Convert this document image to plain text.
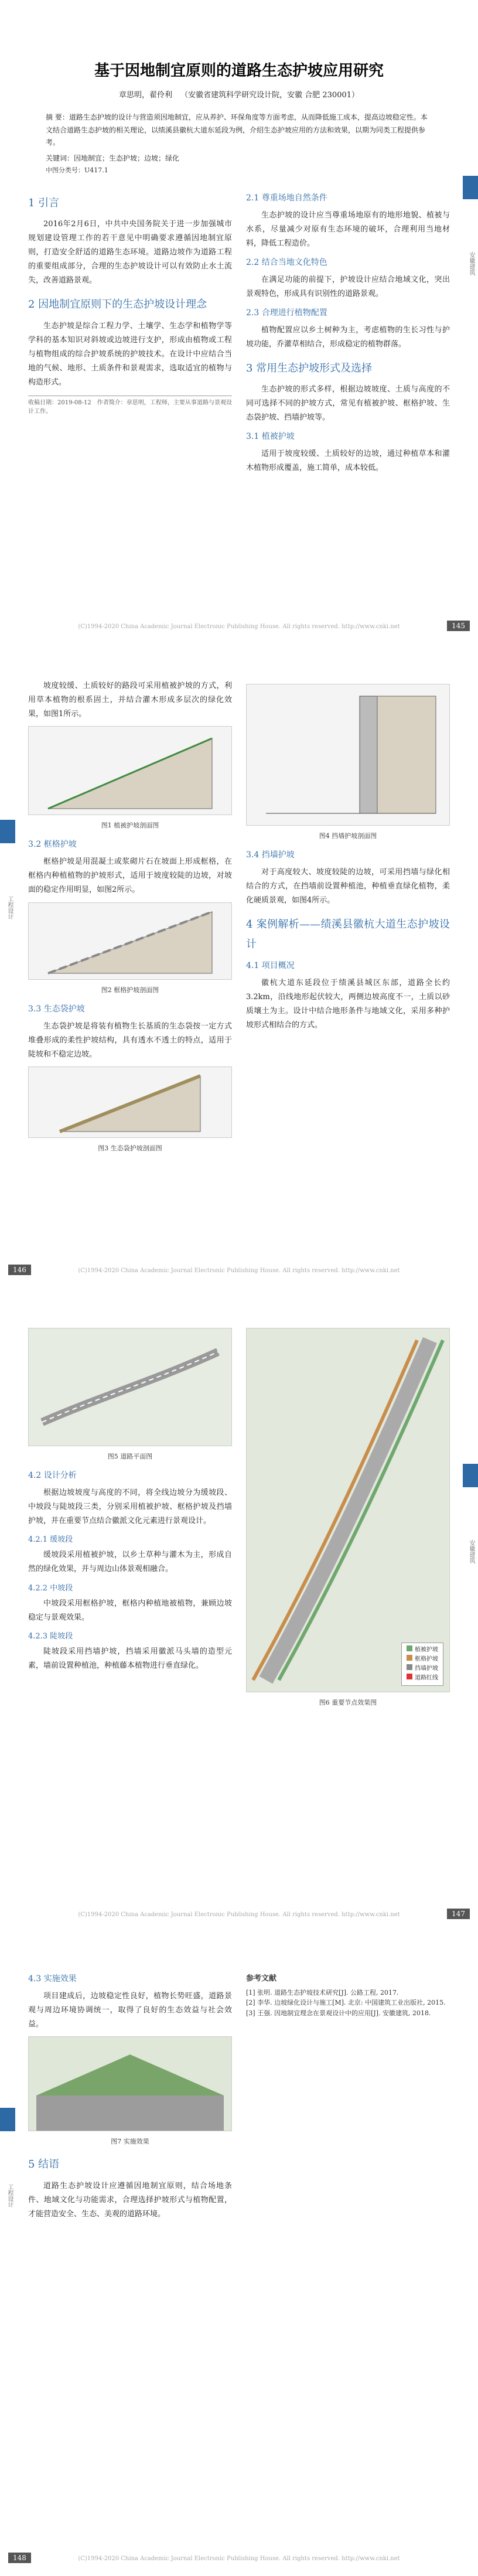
基于因地制宜原则的道路生态护坡应用研究
章思明，翟伶利 （安徽省建筑科学研究设计院，安徽 合肥 230001）
摘 要：道路生态护坡的设计与营造须因地制宜，应从养护、环保角度等方面考虑，从而降低施工成本，提高边坡稳定性。本文结合道路生态护坡的相关理论，以绩溪县徽杭大道东延段为例，介绍生态护坡应用的方法和效果，以期为同类工程提供参考。
关键词：因地制宜；生态护坡；边坡；绿化
中图分类号：U417.1
1 引言

2016年2月6日，中共中央国务院关于进一步加强城市规划建设管理工作的若干意见中明确要求遵循因地制宜原则，打造安全舒适的道路生态环境。道路边坡作为道路工程的重要组成部分，合理的生态护坡设计可以有效防止水土流失，改善道路景观。

2 因地制宜原则下的生态护坡设计理念

生态护坡是综合工程力学、土壤学、生态学和植物学等学科的基本知识对斜坡或边坡进行支护，形成由植物或工程与植物组成的综合护坡系统的护坡技术。在设计中应结合当地的气候、地形、土质条件和景观需求，选取适宜的植物与构造形式。

收稿日期：2019-08-12　作者简介：章思明，工程师，主要从事道路与景观设计工作。
2.1 尊重场地自然条件

生态护坡的设计应当尊重场地原有的地形地貌、植被与水系，尽量减少对原有生态环境的破坏，合理利用当地材料，降低工程造价。

2.2 结合当地文化特色

在满足功能的前提下，护坡设计应结合地域文化，突出景观特色，形成具有识别性的道路景观。

2.3 合理进行植物配置

植物配置应以乡土树种为主，考虑植物的生长习性与护坡功能，乔灌草相结合，形成稳定的植物群落。

3 常用生态护坡形式及选择

生态护坡的形式多样，根据边坡坡度、土质与高度的不同可选择不同的护坡方式，常见有植被护坡、框格护坡、生态袋护坡、挡墙护坡等。

3.1 植被护坡

适用于坡度较缓、土质较好的边坡，通过种植草本和灌木植物形成覆盖，施工简单，成本较低。

安徽建筑
(C)1994-2020 China Academic Journal Electronic Publishing House. All rights reserved. http://www.cnki.net	145

坡度较缓、土质较好的路段可采用植被护坡的方式，利用草本植物的根系固土，并结合灌木形成多层次的绿化效果，如图1所示。

图1 植被护坡剖面图
3.2 框格护坡

框格护坡是用混凝土或浆砌片石在坡面上形成框格，在框格内种植植物的护坡形式，适用于坡度较陡的边坡，对坡面的稳定作用明显，如图2所示。

图2 框格护坡剖面图
3.3 生态袋护坡

生态袋护坡是将装有植物生长基质的生态袋按一定方式堆叠形成的柔性护坡结构，具有透水不透土的特点，适用于陡坡和不稳定边坡。

图3 生态袋护坡剖面图
图4 挡墙护坡剖面图
3.4 挡墙护坡

对于高度较大、坡度较陡的边坡，可采用挡墙与绿化相结合的方式，在挡墙前设置种植池，种植垂直绿化植物，柔化硬质景观，如图4所示。

4 案例解析——绩溪县徽杭大道生态护坡设计
4.1 项目概况

徽杭大道东延段位于绩溪县城区东部，道路全长约3.2km，沿线地形起伏较大，两侧边坡高度不一，土质以砂质壤土为主。设计中结合地形条件与地域文化，采用多种护坡形式相结合的方式。

工程设计
(C)1994-2020 China Academic Journal Electronic Publishing House. All rights reserved. http://www.cnki.net
146
图5 道路平面图
4.2 设计分析

根据边坡坡度与高度的不同，将全线边坡分为缓坡段、中坡段与陡坡段三类，分别采用植被护坡、框格护坡及挡墙护坡，并在重要节点结合徽派文化元素进行景观设计。

4.2.1 缓坡段

缓坡段采用植被护坡，以乡土草种与灌木为主，形成自然的绿化效果，并与周边山体景观相融合。

4.2.2 中坡段

中坡段采用框格护坡，框格内种植地被植物，兼顾边坡稳定与景观效果。

4.2.3 陡坡段

陡坡段采用挡墙护坡，挡墙采用徽派马头墙的造型元素，墙前设置种植池，种植藤本植物进行垂直绿化。

植被护坡
框格护坡
挡墙护坡
道路红线
图6 重要节点效果图
安徽建筑
(C)1994-2020 China Academic Journal Electronic Publishing House. All rights reserved. http://www.cnki.net	147
4.3 实施效果

项目建成后，边坡稳定性良好，植物长势旺盛，道路景观与周边环境协调统一，取得了良好的生态效益与社会效益。

图7 实施效果
5 结语

道路生态护坡设计应遵循因地制宜原则，结合场地条件、地域文化与功能需求，合理选择护坡形式与植物配置，才能营造安全、生态、美观的道路环境。

参考文献
[1] 张明. 道路生态护坡技术研究[J]. 公路工程, 2017.
[2] 李华. 边坡绿化设计与施工[M]. 北京: 中国建筑工业出版社, 2015.
[3] 王强. 因地制宜理念在景观设计中的应用[J]. 安徽建筑, 2018.
工程设计
(C)1994-2020 China Academic Journal Electronic Publishing House. All rights reserved. http://www.cnki.net
148
